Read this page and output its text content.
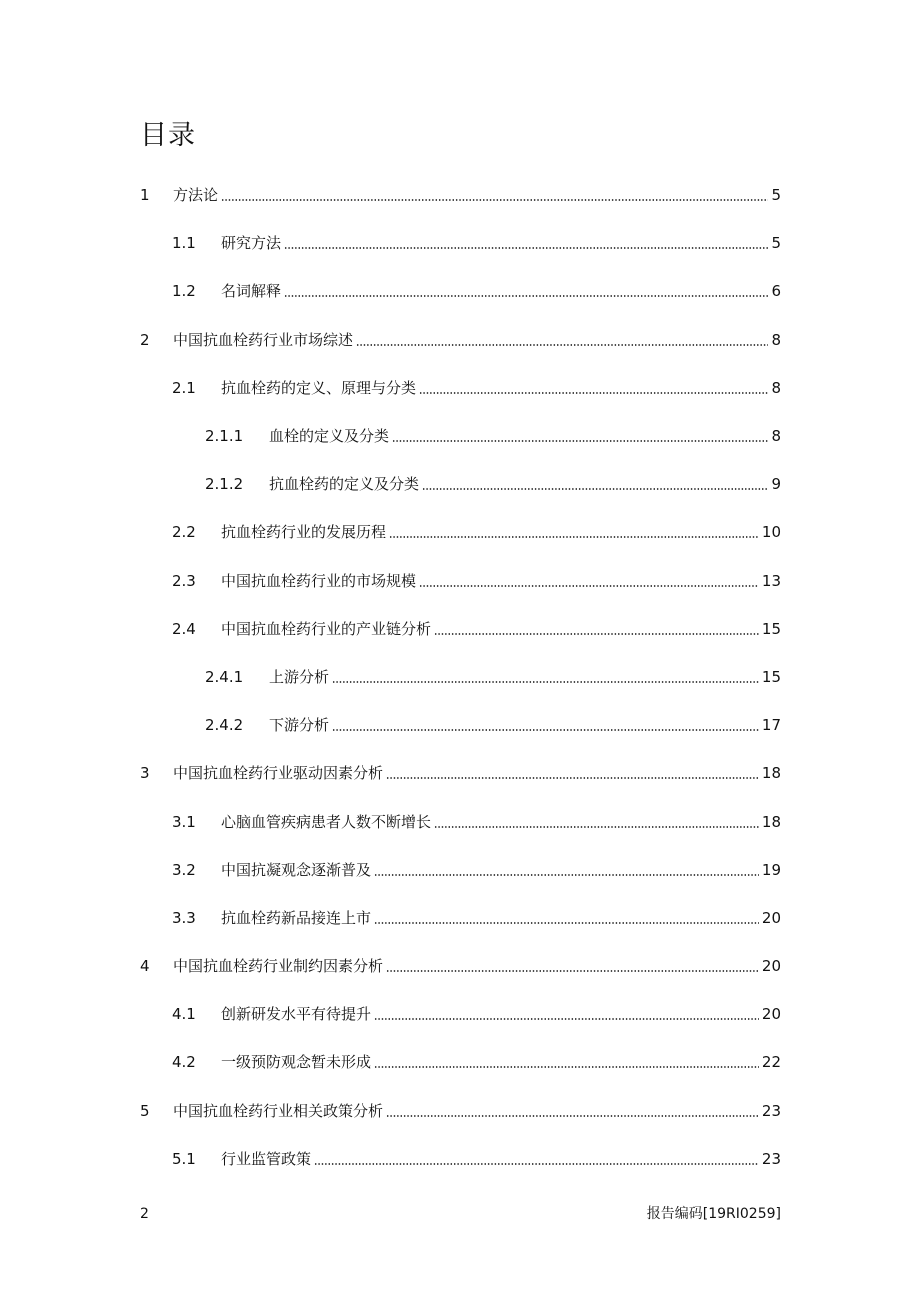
目录
1	方法论	5
1.1	研究方法	5
1.2	名词解释	6
2	中国抗血栓药行业市场综述	8
2.1	抗血栓药的定义、原理与分类	8
2.1.1	血栓的定义及分类	8
2.1.2	抗血栓药的定义及分类	9
2.2	抗血栓药行业的发展历程	10
2.3	中国抗血栓药行业的市场规模	13
2.4	中国抗血栓药行业的产业链分析	15
2.4.1	上游分析	15
2.4.2	下游分析	17
3	中国抗血栓药行业驱动因素分析	18
3.1	心脑血管疾病患者人数不断增长	18
3.2	中国抗凝观念逐渐普及	19
3.3	抗血栓药新品接连上市	20
4	中国抗血栓药行业制约因素分析	20
4.1	创新研发水平有待提升	20
4.2	一级预防观念暂未形成	22
5	中国抗血栓药行业相关政策分析	23
5.1	行业监管政策	23
2	报告编码[19RI0259]
